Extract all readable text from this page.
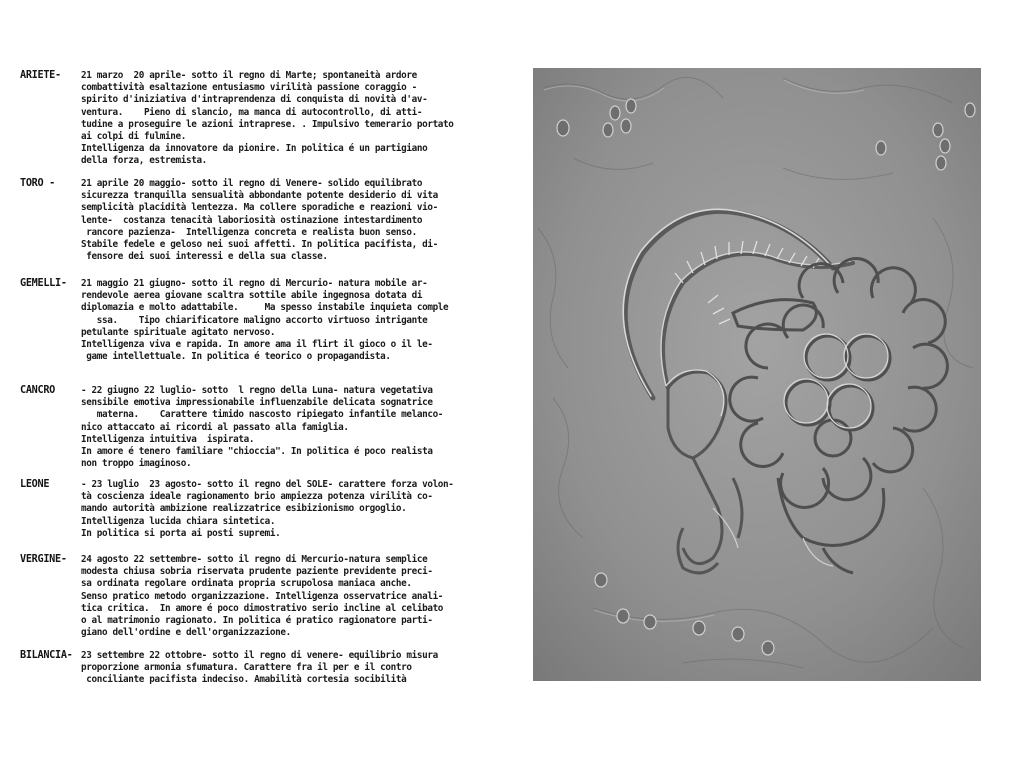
ARIETE- 21 marzo  20 aprile- sotto il regno di Marte; spontaneità ardore
combattività esaltazione entusiasmo virilità passione coraggio -
spirito d'iniziativa d'intraprendenza di conquista di novità d'av-
ventura.    Pieno di slancio, ma manca di autocontrollo, di atti-
tudine a proseguire le azioni intraprese. . Impulsivo temerario portato
ai colpi di fulmine.
Intelligenza da innovatore da pionire. In politica é un partigiano
della forza, estremista.
TORO -	21 aprile 20 maggio- sotto il regno di Venere- solido equilibrato
sicurezza tranquilla sensualità abbondante potente desiderio di vita
semplicità placidità lentezza. Ma collere sporadiche e reazioni vio-
lente-  costanza tenacità laboriosità ostinazione intestardimento
rancore pazienza-  Intelligenza concreta e realista buon senso.
Stabile fedele e geloso nei suoi affetti. In politica pacifista, di-
fensore dei suoi interessi e della sua classe.
GEMELLI- 21 maggio 21 giugno- sotto il regno di Mercurio- natura mobile ar-
rendevole aerea giovane scaltra sottile abile ingegnosa dotata di
diplomazia e molto adattabile.     Ma spesso instabile inquieta comple
ssa.    Tipo chiarificatore maligno accorto virtuoso intrigante
petulante spirituale agitato nervoso.
Intelligenza viva e rapida. In amore ama il flirt il gioco o il le-
game intellettuale. In politica é teorico o propagandista.
CANCRO	- 22 giugno 22 luglio- sotto  l regno della Luna- natura vegetativa
sensibile emotiva impressionabile influenzabile delicata sognatrice
materna.    Carattere timido nascosto ripiegato infantile melanco-
nico attaccato ai ricordi al passato alla famiglia.
Intelligenza intuitiva  ispirata.
In amore é tenero familiare "chioccia". In politica é poco realista
non troppo imaginoso.
LEONE	- 23 luglio  23 agosto- sotto il regno del SOLE- carattere forza volon-
tà coscienza ideale ragionamento brio ampiezza potenza virilità co-
mando autorità ambizione realizzatrice esibizionismo orgoglio.
Intelligenza lucida chiara sintetica.
In politica si porta ai posti supremi.
VERGINE- 24 agosto 22 settembre- sotto il regno di Mercurio-natura semplice
modesta chiusa sobria riservata prudente paziente previdente preci-
sa ordinata regolare ordinata propria scrupolosa maniaca anche.
Senso pratico metodo organizzazione. Intelligenza osservatrice anali-
tica critica.  In amore é poco dimostrativo serio incline al celibato
o al matrimonio ragionato. In politica é pratico ragionatore parti-
giano dell'ordine e dell'organizzazione.
BILANCIA- 23 settembre 22 ottobre- sotto il regno di venere- equilibrio misura
proporzione armonia sfumatura. Carattere fra il per e il contro
conciliante pacifista indeciso. Amabilità cortesia socibilità
